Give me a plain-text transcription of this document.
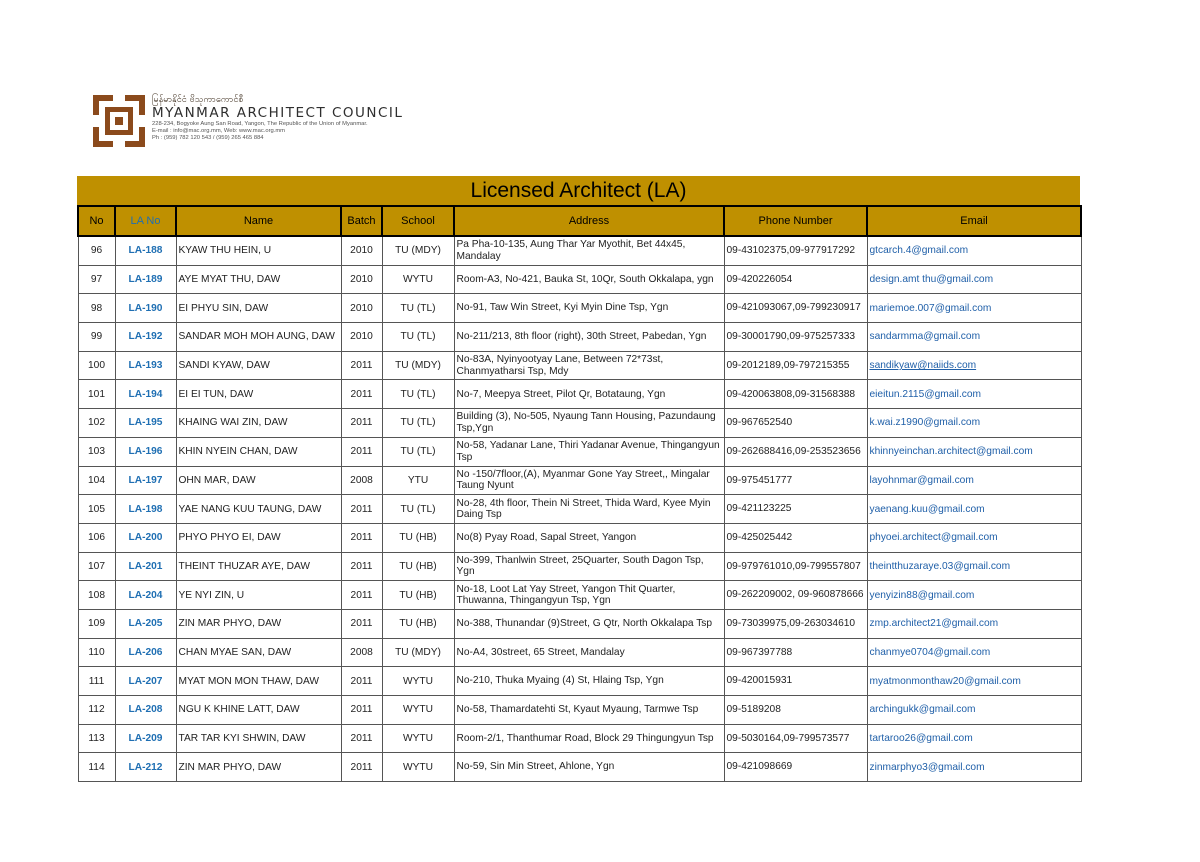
မြန်မာနိုင်ငံ ဗိသုကာကောင်စီ
MYANMAR ARCHITECT COUNCIL
228-234, Bogyoke Aung San Road, Yangon, The Republic of the Union of Myanmar.
E-mail : info@mac.org.mm, Web: www.mac.org.mm
Ph : (959) 782 120 543 / (959) 265 465 884
Licensed Architect (LA)
No	LA No	Name	Batch	School	Address	Phone Number	Email
96	LA-188	KYAW THU HEIN, U	2010	TU (MDY)	Pa Pha-10-135, Aung Thar Yar Myothit, Bet 44x45, Mandalay	09-43102375,09-977917292	gtcarch.4@gmail.com
97	LA-189	AYE MYAT THU, DAW	2010	WYTU	Room-A3, No-421, Bauka St, 10Qr, South Okkalapa, ygn	09-420226054	design.amt thu@gmail.com
98	LA-190	EI PHYU SIN, DAW	2010	TU (TL)	No-91, Taw Win Street, Kyi Myin Dine Tsp, Ygn	09-421093067,09-799230917	mariemoe.007@gmail.com
99	LA-192	SANDAR MOH MOH AUNG, DAW	2010	TU (TL)	No-211/213, 8th floor (right), 30th Street, Pabedan, Ygn	09-30001790,09-975257333	sandarmma@gmail.com
100	LA-193	SANDI KYAW, DAW	2011	TU (MDY)	No-83A, Nyinyootyay Lane, Between 72*73st, Chanmyatharsi Tsp, Mdy	09-2012189,09-797215355	sandikyaw@naiids.com
101	LA-194	EI EI TUN, DAW	2011	TU (TL)	No-7, Meepya Street, Pilot Qr, Botataung, Ygn	09-420063808,09-31568388	eieitun.2115@gmail.com
102	LA-195	KHAING WAI ZIN, DAW	2011	TU (TL)	Building (3), No-505, Nyaung Tann Housing, Pazundaung Tsp,Ygn	09-967652540	k.wai.z1990@gmail.com
103	LA-196	KHIN NYEIN CHAN, DAW	2011	TU (TL)	No-58, Yadanar Lane, Thiri Yadanar Avenue, Thingangyun Tsp	09-262688416,09-253523656	khinnyeinchan.architect@gmail.com
104	LA-197	OHN MAR, DAW	2008	YTU	No -150/7floor,(A), Myanmar Gone Yay Street,, Mingalar Taung Nyunt	09-975451777	layohnmar@gmail.com
105	LA-198	YAE NANG KUU TAUNG, DAW	2011	TU (TL)	No-28, 4th floor, Thein Ni Street, Thida Ward, Kyee Myin Daing Tsp	09-421123225	yaenang.kuu@gmail.com
106	LA-200	PHYO PHYO EI, DAW	2011	TU (HB)	No(8) Pyay Road, Sapal Street, Yangon	09-425025442	phyoei.architect@gmail.com
107	LA-201	THEINT THUZAR AYE, DAW	2011	TU (HB)	No-399, Thanlwin Street, 25Quarter, South Dagon Tsp, Ygn	09-979761010,09-799557807	theintthuzaraye.03@gmail.com
108	LA-204	YE NYI ZIN, U	2011	TU (HB)	No-18, Loot Lat Yay Street, Yangon Thit Quarter, Thuwanna, Thingangyun Tsp, Ygn	09-262209002, 09-960878666	yenyizin88@gmail.com
109	LA-205	ZIN MAR PHYO, DAW	2011	TU (HB)	No-388, Thunandar (9)Street, G Qtr, North Okkalapa Tsp	09-73039975,09-263034610	zmp.architect21@gmail.com
110	LA-206	CHAN MYAE SAN, DAW	2008	TU (MDY)	No-A4, 30street, 65 Street, Mandalay	09-967397788	chanmye0704@gmail.com
111	LA-207	MYAT MON MON THAW, DAW	2011	WYTU	No-210, Thuka Myaing (4) St, Hlaing Tsp, Ygn	09-420015931	myatmonmonthaw20@gmail.com
112	LA-208	NGU K KHINE LATT, DAW	2011	WYTU	No-58, Thamardatehti St, Kyaut Myaung, Tarmwe Tsp	09-5189208	archingukk@gmail.com
113	LA-209	TAR TAR KYI SHWIN, DAW	2011	WYTU	Room-2/1, Thanthumar Road, Block 29 Thingungyun Tsp	09-5030164,09-799573577	tartaroo26@gmail.com
114	LA-212	ZIN MAR PHYO, DAW	2011	WYTU	No-59, Sin Min Street, Ahlone, Ygn	09-421098669	zinmarphyo3@gmail.com
